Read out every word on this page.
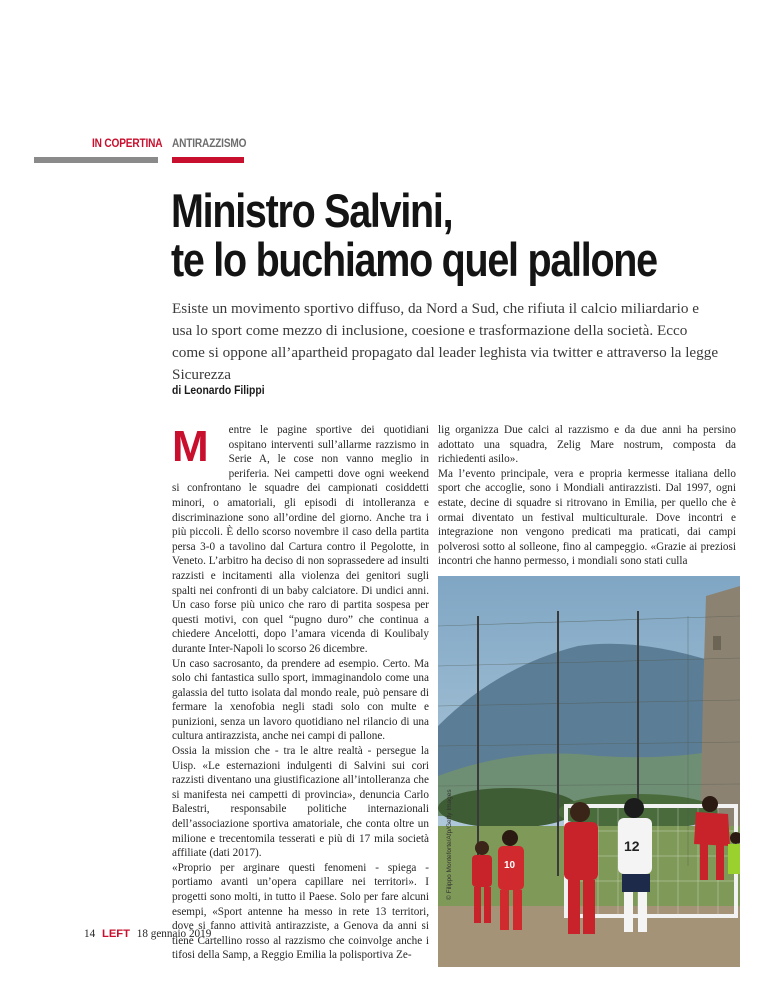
IN COPERTINA ANTIRAZZISMO
Ministro Salvini,
te lo buchiamo quel pallone
Esiste un movimento sportivo diffuso, da Nord a Sud, che rifiuta il calcio miliardario e usa lo sport come mezzo di inclusione, coesione e trasformazione della società. Ecco come si oppone all’apartheid propagato dal leader leghista via twitter e attraverso la legge Sicurezza
di Leonardo Filippi

M	entre le pagine sportive dei quotidiani ospitano interventi sull’allarme razzismo in Serie A, le cose non vanno meglio in periferia. Nei campetti dove ogni weekend si confrontano le squadre dei campionati cosiddetti minori, o amatoriali, gli episodi di intolleranza e discriminazione sono all’ordine del giorno. Anche tra i più piccoli. È dello scorso novembre il caso della partita persa 3-0 a tavolino dal Cartura contro il Pegolotte, in Veneto. L’arbitro ha deciso di non soprassedere ad insulti razzisti e incitamenti alla violenza dei genitori sugli spalti nei confronti di un baby calciatore. Di undici anni. Un caso forse più unico che raro di partita sospesa per questi motivi, con quel “pugno duro” che continua a chiedere Ancelotti, dopo l’amara vicenda di Koulibaly durante Inter-Napoli lo scorso 26 dicembre.

Un caso sacrosanto, da prendere ad esempio. Certo. Ma solo chi fantastica sullo sport, immaginandolo come una galassia del tutto isolata dal mondo reale, può pensare di fermare la xenofobia negli stadi solo con multe e punizioni, senza un lavoro quotidiano nel rilancio di una cultura antirazzista, anche nei campi di pallone.

Ossia la mission che - tra le altre realtà - persegue la Uisp. «Le esternazioni indulgenti di Salvini sui cori razzisti diventano una giustificazione all’intolleranza che si manifesta nei campetti di provincia», denuncia Carlo Balestri, responsabile politiche internazionali dell’associazione sportiva amatoriale, che conta oltre un milione e trecentomila tesserati e più di 17 mila società affiliate (dati 2017).

«Proprio per arginare questi fenomeni - spiega - portiamo avanti un’opera capillare nei territori». I progetti sono molti, in tutto il Paese. Solo per fare alcuni esempi, «Sport antenne ha messo in rete 13 territori, dove si fanno attività antirazziste, a Genova da anni si tiene Cartellino rosso al razzismo che coinvolge anche i tifosi della Samp, a Reggio Emilia la polisportiva Ze-

lig organizza Due calci al razzismo e da due anni ha persino adottato una squadra, Zelig Mare nostrum, composta da richiedenti asilo».

Ma l’evento principale, vera e propria kermesse italiana dello sport che accoglie, sono i Mondiali antirazzisti. Dal 1997, ogni estate, decine di squadre si ritrovano in Emilia, per quello che è ormai diventato un festival multiculturale. Dove incontri e integrazione non vengono predicati ma praticati, dai campi polverosi sotto al solleone, fino al campeggio. «Grazie ai preziosi incontri che hanno permesso, i mondiali sono stati culla

10
12
© Filippo Monteforte/Afp/Getty Images
14 LEFT 18 gennaio 2019
